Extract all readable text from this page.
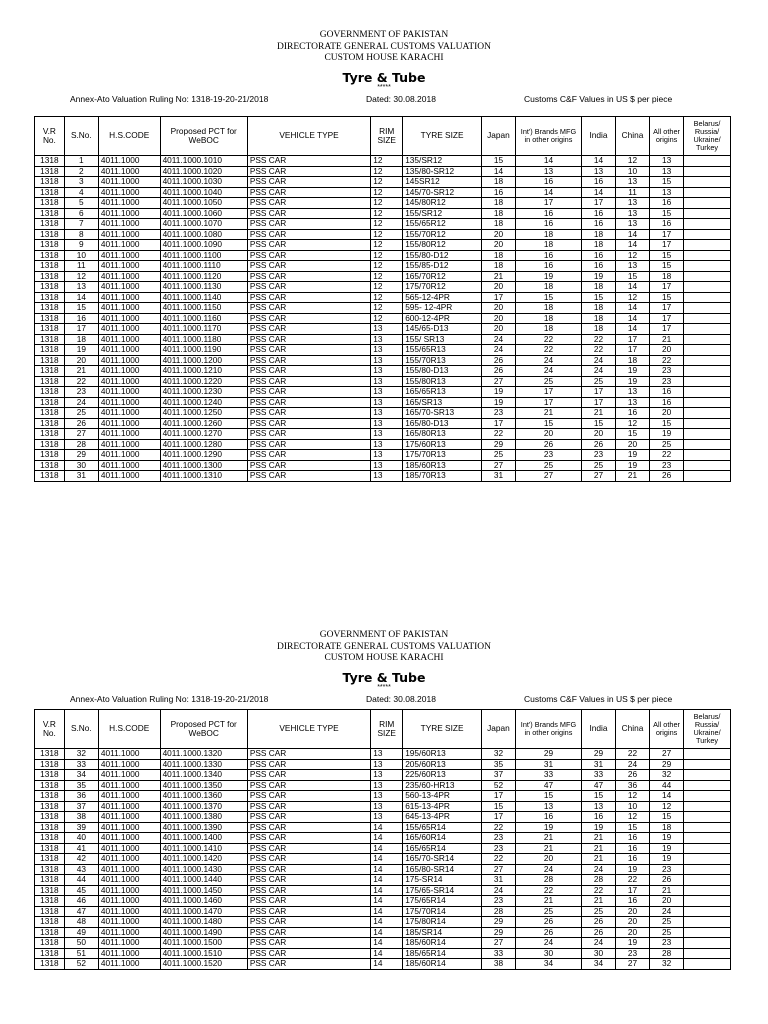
GOVERNMENT OF PAKISTAN
DIRECTORATE GENERAL CUSTOMS VALUATION
CUSTOM HOUSE KARACHI
Tyre & Tube
*****
Annex-Ato Valuation Ruling No: 1318-19-20-21/2018	Dated: 30.08.2018	Customs C&F Values in US $ per piece
V.R No.	S.No.	H.S.CODE	Proposed PCT for WeBOC	VEHICLE TYPE	RIM SIZE	TYRE SIZE	Japan	Int') Brands MFG in other origins	India	China	All other origins	Belarus/ Russia/ Ukraine/ Turkey
1318	1	4011.1000	4011.1000.1010	PSS CAR	12	135/SR12	15	14	14	12	13	
1318	2	4011.1000	4011.1000.1020	PSS CAR	12	135/80-SR12	14	13	13	10	13	
1318	3	4011.1000	4011.1000.1030	PSS CAR	12	145SR12	18	16	16	13	15	
1318	4	4011.1000	4011.1000.1040	PSS CAR	12	145/70-SR12	16	14	14	11	13	
1318	5	4011.1000	4011.1000.1050	PSS CAR	12	145/80R12	18	17	17	13	16	
1318	6	4011.1000	4011.1000.1060	PSS CAR	12	155/SR12	18	16	16	13	15	
1318	7	4011.1000	4011.1000.1070	PSS CAR	12	155/65R12	18	16	16	13	16	
1318	8	4011.1000	4011.1000.1080	PSS CAR	12	155/70R12	20	18	18	14	17	
1318	9	4011.1000	4011.1000.1090	PSS CAR	12	155/80R12	20	18	18	14	17	
1318	10	4011.1000	4011.1000.1100	PSS CAR	12	155/80-D12	18	16	16	12	15	
1318	11	4011.1000	4011.1000.1110	PSS CAR	12	155/85-D12	18	16	16	13	15	
1318	12	4011.1000	4011.1000.1120	PSS CAR	12	165/70R12	21	19	19	15	18	
1318	13	4011.1000	4011.1000.1130	PSS CAR	12	175/70R12	20	18	18	14	17	
1318	14	4011.1000	4011.1000.1140	PSS CAR	12	565-12-4PR	17	15	15	12	15	
1318	15	4011.1000	4011.1000.1150	PSS CAR	12	595- 12-4PR	20	18	18	14	17	
1318	16	4011.1000	4011.1000.1160	PSS CAR	12	600-12-4PR	20	18	18	14	17	
1318	17	4011.1000	4011.1000.1170	PSS CAR	13	145/65-D13	20	18	18	14	17	
1318	18	4011.1000	4011.1000.1180	PSS CAR	13	155/ SR13	24	22	22	17	21	
1318	19	4011.1000	4011.1000.1190	PSS CAR	13	155/65R13	24	22	22	17	20	
1318	20	4011.1000	4011.1000.1200	PSS CAR	13	155/70R13	26	24	24	18	22	
1318	21	4011.1000	4011.1000.1210	PSS CAR	13	155/80-D13	26	24	24	19	23	
1318	22	4011.1000	4011.1000.1220	PSS CAR	13	155/80R13	27	25	25	19	23	
1318	23	4011.1000	4011.1000.1230	PSS CAR	13	165/65R13	19	17	17	13	16	
1318	24	4011.1000	4011.1000.1240	PSS CAR	13	165/SR13	19	17	17	13	16	
1318	25	4011.1000	4011.1000.1250	PSS CAR	13	165/70-SR13	23	21	21	16	20	
1318	26	4011.1000	4011.1000.1260	PSS CAR	13	165/80-D13	17	15	15	12	15	
1318	27	4011.1000	4011.1000.1270	PSS CAR	13	165/80R13	22	20	20	15	19	
1318	28	4011.1000	4011.1000.1280	PSS CAR	13	175/60R13	29	26	26	20	25	
1318	29	4011.1000	4011.1000.1290	PSS CAR	13	175/70R13	25	23	23	19	22	
1318	30	4011.1000	4011.1000.1300	PSS CAR	13	185/60R13	27	25	25	19	23	
1318	31	4011.1000	4011.1000.1310	PSS CAR	13	185/70R13	31	27	27	21	26	
GOVERNMENT OF PAKISTAN
DIRECTORATE GENERAL CUSTOMS VALUATION
CUSTOM HOUSE KARACHI
Tyre & Tube
*****
Annex-Ato Valuation Ruling No: 1318-19-20-21/2018	Dated: 30.08.2018	Customs C&F Values in US $ per piece
V.R No.	S.No.	H.S.CODE	Proposed PCT for WeBOC	VEHICLE TYPE	RIM SIZE	TYRE SIZE	Japan	Int') Brands MFG in other origins	India	China	All other origins	Belarus/ Russia/ Ukraine/ Turkey
1318	32	4011.1000	4011.1000.1320	PSS CAR	13	195/60R13	32	29	29	22	27	
1318	33	4011.1000	4011.1000.1330	PSS CAR	13	205/60R13	35	31	31	24	29	
1318	34	4011.1000	4011.1000.1340	PSS CAR	13	225/60R13	37	33	33	26	32	
1318	35	4011.1000	4011.1000.1350	PSS CAR	13	235/60-HR13	52	47	47	36	44	
1318	36	4011.1000	4011.1000.1360	PSS CAR	13	560-13-4PR	17	15	15	12	14	
1318	37	4011.1000	4011.1000.1370	PSS CAR	13	615-13-4PR	15	13	13	10	12	
1318	38	4011.1000	4011.1000.1380	PSS CAR	13	645-13-4PR	17	16	16	12	15	
1318	39	4011.1000	4011.1000.1390	PSS CAR	14	155/65R14	22	19	19	15	18	
1318	40	4011.1000	4011.1000.1400	PSS CAR	14	165/60R14	23	21	21	16	19	
1318	41	4011.1000	4011.1000.1410	PSS CAR	14	165/65R14	23	21	21	16	19	
1318	42	4011.1000	4011.1000.1420	PSS CAR	14	165/70-SR14	22	20	21	16	19	
1318	43	4011.1000	4011.1000.1430	PSS CAR	14	165/80-SR14	27	24	24	19	23	
1318	44	4011.1000	4011.1000.1440	PSS CAR	14	175-SR14	31	28	28	22	26	
1318	45	4011.1000	4011.1000.1450	PSS CAR	14	175/65-SR14	24	22	22	17	21	
1318	46	4011.1000	4011.1000.1460	PSS CAR	14	175/65R14	23	21	21	16	20	
1318	47	4011.1000	4011.1000.1470	PSS CAR	14	175/70R14	28	25	25	20	24	
1318	48	4011.1000	4011.1000.1480	PSS CAR	14	175/80R14	29	26	26	20	25	
1318	49	4011.1000	4011.1000.1490	PSS CAR	14	185/SR14	29	26	26	20	25	
1318	50	4011.1000	4011.1000.1500	PSS CAR	14	185/60R14	27	24	24	19	23	
1318	51	4011.1000	4011.1000.1510	PSS CAR	14	185/65R14	33	30	30	23	28	
1318	52	4011.1000	4011.1000.1520	PSS CAR	14	185/60R14	38	34	34	27	32	
